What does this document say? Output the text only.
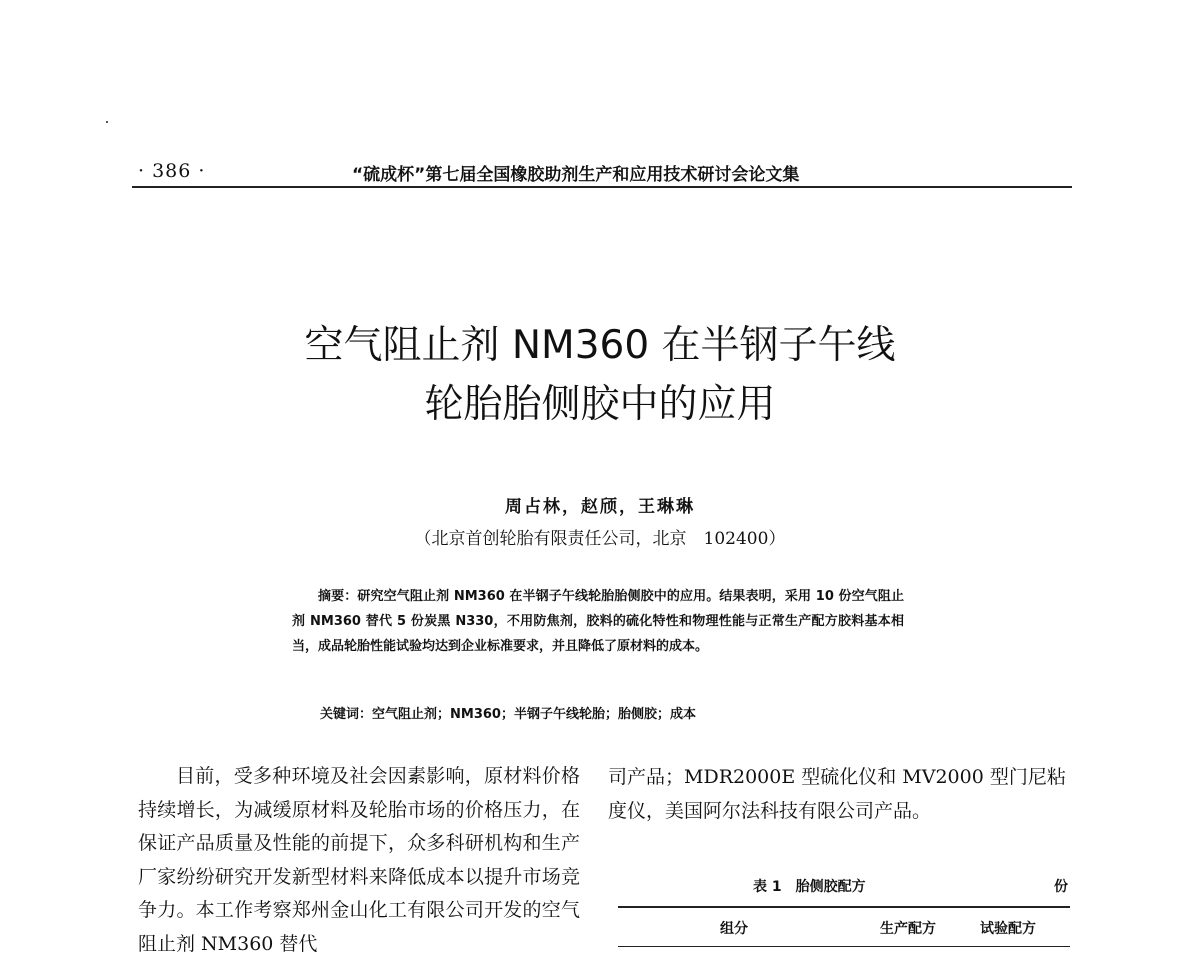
· 386 ·	“硫成杯”第七届全国橡胶助剂生产和应用技术研讨会论文集
空气阻止剂 NM360 在半钢子午线
轮胎胎侧胶中的应用
周占林，赵颀，王琳琳
（北京首创轮胎有限责任公司，北京　102400）
摘要：研究空气阻止剂 NM360 在半钢子午线轮胎胎侧胶中的应用。结果表明，采用 10 份空气阻止剂 NM360 替代 5 份炭黑 N330，不用防焦剂，胶料的硫化特性和物理性能与正常生产配方胶料基本相当，成品轮胎性能试验均达到企业标准要求，并且降低了原材料的成本。
关键词：空气阻止剂；NM360；半钢子午线轮胎；胎侧胶；成本
目前，受多种环境及社会因素影响，原材料价格持续增长，为减缓原材料及轮胎市场的价格压力，在保证产品质量及性能的前提下，众多科研机构和生产厂家纷纷研究开发新型材料来降低成本以提升市场竞争力。本工作考察郑州金山化工有限公司开发的空气阻止剂 NM360 替代
司产品；MDR2000E 型硫化仪和 MV2000 型门尼粘度仪，美国阿尔法科技有限公司产品。
表 1　胎侧胶配方	份
组分	生产配方	试验配方
